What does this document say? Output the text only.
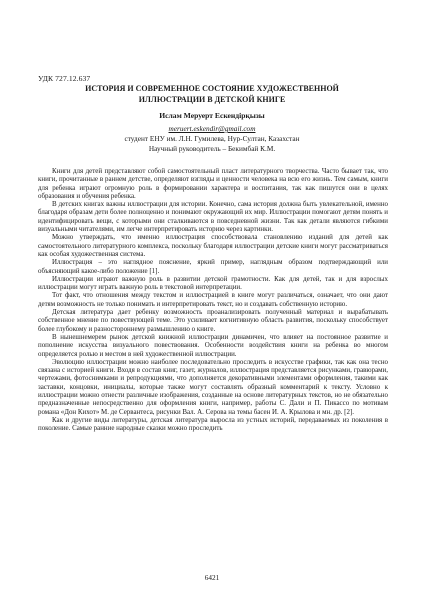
УДК 727.12.637
ИСТОРИЯ И СОВРЕМЕННОЕ СОСТОЯНИЕ ХУДОЖЕСТВЕННОЙ
ИЛЛЮСТРАЦИИ В ДЕТСКОЙ КНИГЕ
Ислам Меруерт Ескендірқызы
meruert.eskendir@gmail.com
студент ЕНУ им. Л.Н. Гумилева, Нур-Султан, Казахстан
Научный руководитель – Бекимбай К.М.

Книги для детей представляют собой самостоятельный пласт литературного творчества. Часто бывает так, что книги, прочитанные в раннем детстве, определяют взгляды и ценности человека на всю его жизнь. Тем самым, книги для ребенка играют огромную роль в формировании характера и воспитания, так как пишутся они в целях образования и обучения ребенка.

В детских книгах важны иллюстрации для истории. Конечно, сама история должна быть увлекательной, именно благодаря образам дети более полноценно и понимают окружающий их мир. Иллюстрации помогают детям понять и идентифицировать вещи, с которыми они сталкиваются в повседневной жизни. Так как детали являются гибкими визуальными читателями, им легче интерпретировать историю через картинки.

Можно утверждать, что именно иллюстрация способствовала становлению изданий для детей как самостоятельного литературного комплекса, поскольку благодаря иллюстрации детские книги могут рассматриваться как особая художественная система.

Иллюстрация – это наглядное пояснение, яркий пример, наглядным образом подтверждающий или объясняющий какое-либо положение [1].

Иллюстрации играют важную роль в развитии детской грамотности. Как для детей, так и для взрослых иллюстрации могут играть важную роль в текстовой интерпретации.

Тот факт, что отношения между текстом и иллюстрацией в книге могут различаться, означает, что они дают детям возможность не только понимать и интерпретировать текст, но и создавать собственную историю.

Детская литература дает ребенку возможность проанализировать полученный материал и вырабатывать собственное мнение по повествующей теме. Это усиливает когнитивную область развития, поскольку способствует более глубокому и разностороннему размышлению о книге.

В нынешнемерем рынок детской книжной иллюстрации динамичен, что влияет на постоянное развитие и пополнение искусства визуального повествования. Особенности воздействия книги на ребенка во многом определяется ролью и местом в ней художественной иллюстрации.

Эволюцию иллюстрации можно наиболее последовательно проследить в искусстве графики, так как она тесно связана с историей книги. Входя в состав книг, газет, журналов, иллюстрация представляется рисунками, гравюрами, чертежами, фотоснимками и репродукциями, что дополняется декоративными элементами оформления, такими как заставки, концовки, инициалы, которые также могут составлять образный комментарий к тексту. Условно к иллюстрации можно отнести различные изображения, созданные на основе литературных текстов, но не обязательно предназначенные непосредственно для оформления книги, например, работы С. Дали и П. Пикассо по мотивам романа «Дон Кихот» М. де Сервантеса, рисунки Вал. А. Серова на темы басен И. А. Крылова и мн. др. [2].

Как и другие виды литературы, детская литература выросла из устных историй, передаваемых из поколения в поколение. Самые ранние народные сказки можно проследить

6421
